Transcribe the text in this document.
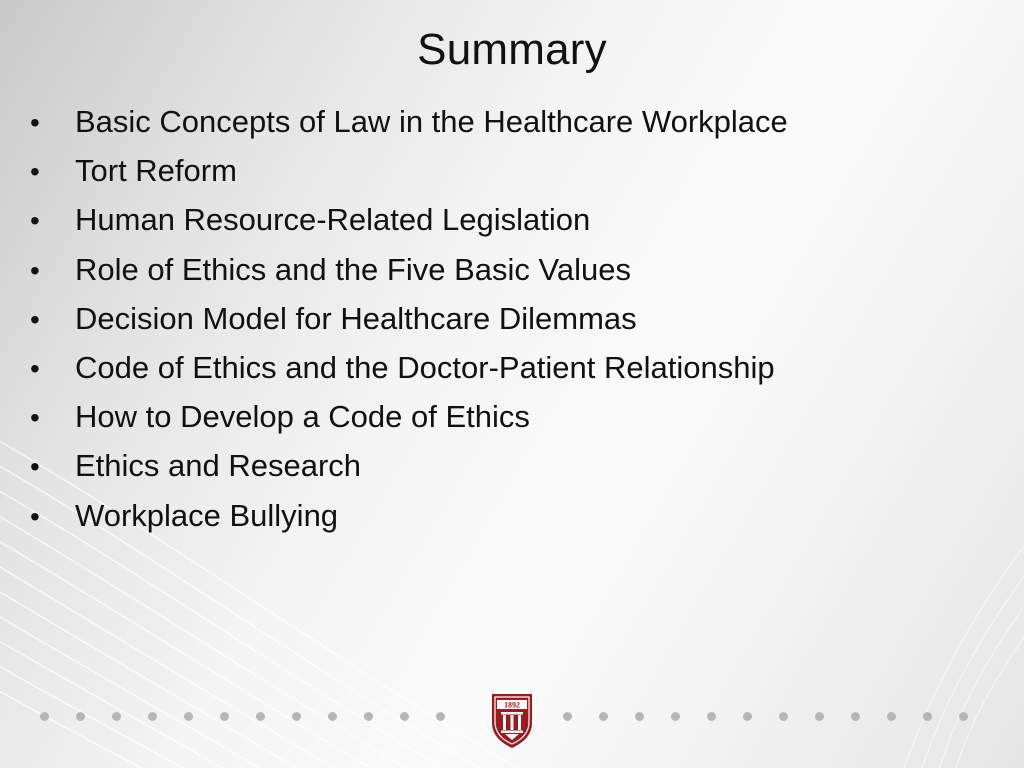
Summary
•	Basic Concepts of Law in the Healthcare Workplace
•	Tort Reform
•	Human Resource-Related Legislation
•	Role of Ethics and the Five Basic Values
•	Decision Model for Healthcare Dilemmas
•	Code of Ethics and the Doctor-Patient Relationship
•	How to Develop a Code of Ethics
•	Ethics and Research
•	Workplace Bullying
1892
